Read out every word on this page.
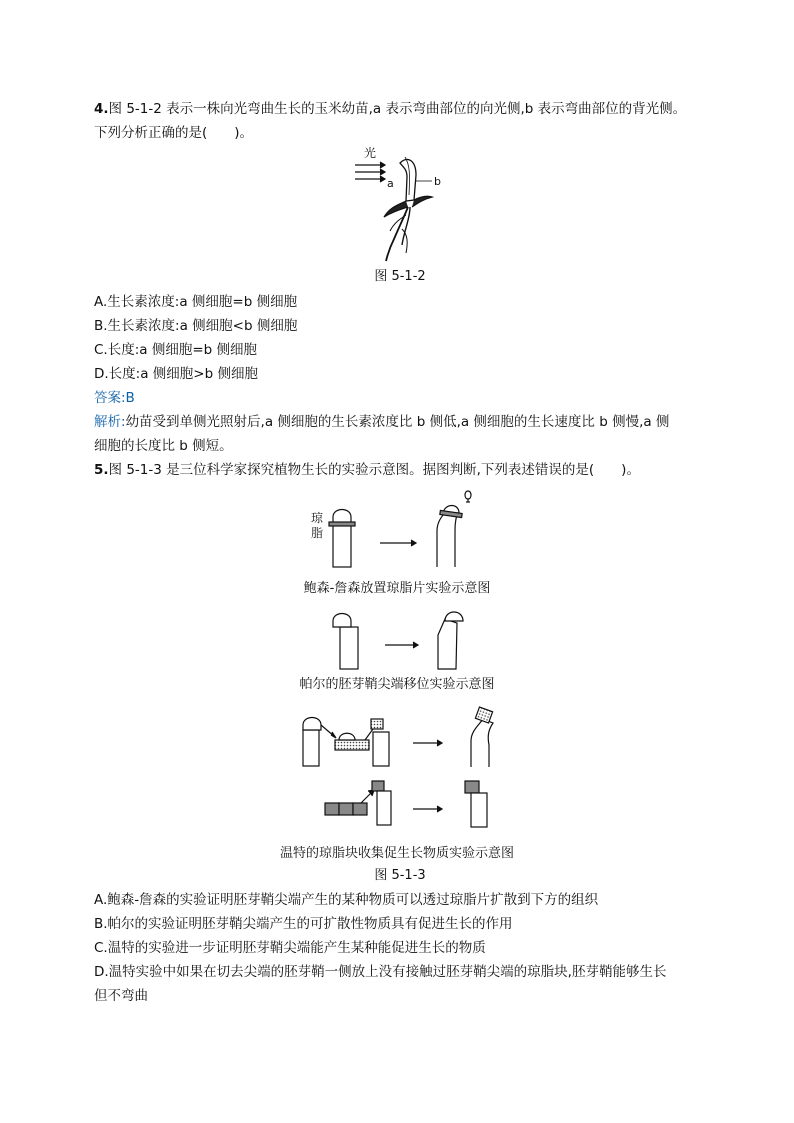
4.图 5-1-2 表示一株向光弯曲生长的玉米幼苗,a 表示弯曲部位的向光侧,b 表示弯曲部位的背光侧。
下列分析正确的是(　　)。
光
a	b
图 5-1-2
A.生长素浓度:a 侧细胞=b 侧细胞
B.生长素浓度:a 侧细胞<b 侧细胞
C.长度:a 侧细胞=b 侧细胞
D.长度:a 侧细胞>b 侧细胞
答案:B
解析:幼苗受到单侧光照射后,a 侧细胞的生长素浓度比 b 侧低,a 侧细胞的生长速度比 b 侧慢,a 侧
细胞的长度比 b 侧短。
5.图 5-1-3 是三位科学家探究植物生长的实验示意图。据图判断,下列表述错误的是(　　)。
琼
脂
鲍森-詹森放置琼脂片实验示意图
帕尔的胚芽鞘尖端移位实验示意图
温特的琼脂块收集促生长物质实验示意图
图 5-1-3
A.鲍森-詹森的实验证明胚芽鞘尖端产生的某种物质可以透过琼脂片扩散到下方的组织
B.帕尔的实验证明胚芽鞘尖端产生的可扩散性物质具有促进生长的作用
C.温特的实验进一步证明胚芽鞘尖端能产生某种能促进生长的物质
D.温特实验中如果在切去尖端的胚芽鞘一侧放上没有接触过胚芽鞘尖端的琼脂块,胚芽鞘能够生长
但不弯曲
